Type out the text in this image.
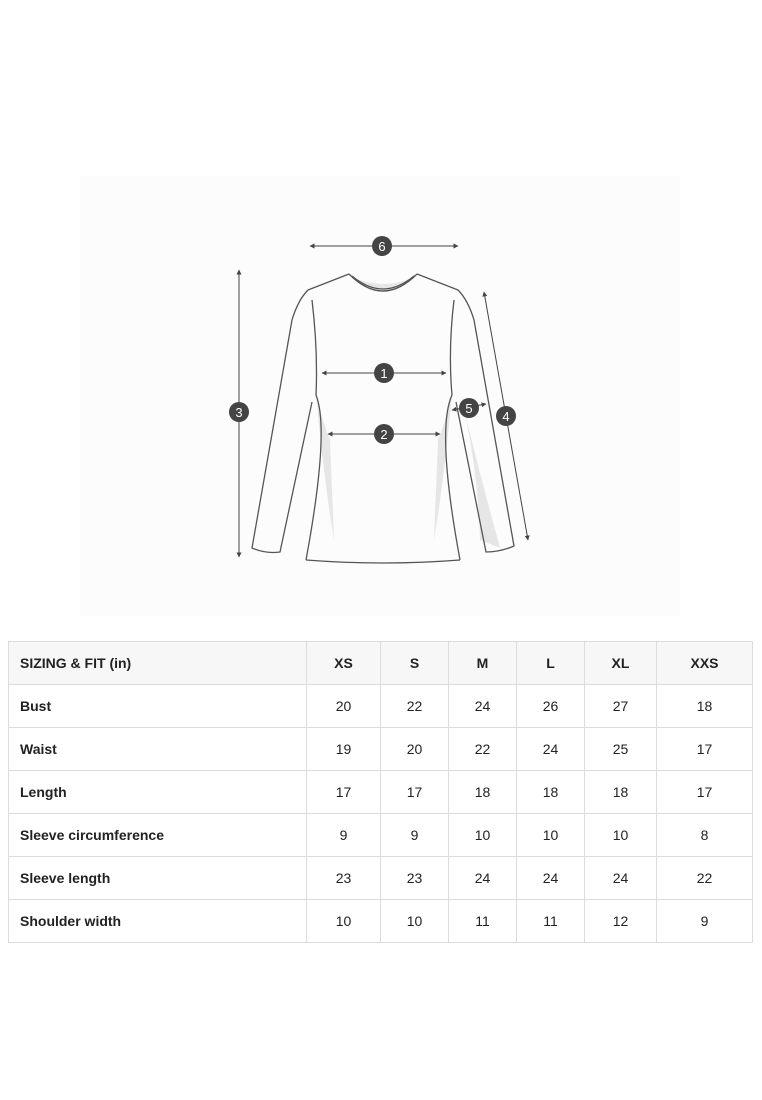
6
3
1
2
5
4
SIZING & FIT (in)	XS	S	M	L	XL	XXS
Bust	20	22	24	26	27	18
Waist	19	20	22	24	25	17
Length	17	17	18	18	18	17
Sleeve circumference	9	9	10	10	10	8
Sleeve length	23	23	24	24	24	22
Shoulder width	10	10	11	11	12	9
